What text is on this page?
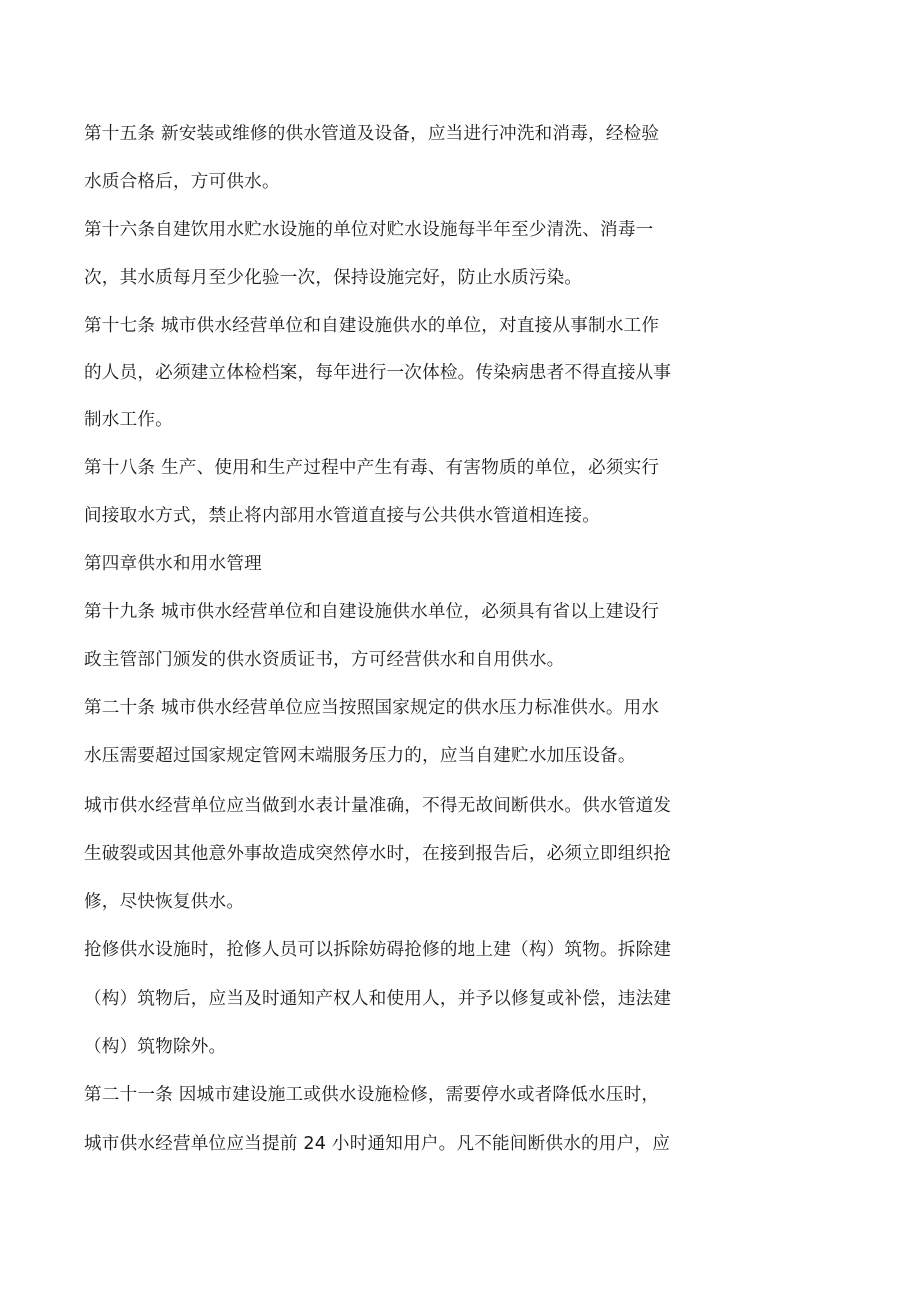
第十五条 新安装或维修的供水管道及设备，应当进行冲洗和消毒，经检验
水质合格后，方可供水。
第十六条自建饮用水贮水设施的单位对贮水设施每半年至少清洗、消毒一
次，其水质每月至少化验一次，保持设施完好，防止水质污染。
第十七条 城市供水经营单位和自建设施供水的单位，对直接从事制水工作
的人员，必须建立体检档案，每年进行一次体检。传染病患者不得直接从事
制水工作。
第十八条 生产、使用和生产过程中产生有毒、有害物质的单位，必须实行
间接取水方式，禁止将内部用水管道直接与公共供水管道相连接。
第四章供水和用水管理
第十九条 城市供水经营单位和自建设施供水单位，必须具有省以上建设行
政主管部门颁发的供水资质证书，方可经营供水和自用供水。
第二十条 城市供水经营单位应当按照国家规定的供水压力标准供水。用水
水压需要超过国家规定管网末端服务压力的，应当自建贮水加压设备。
城市供水经营单位应当做到水表计量准确，不得无故间断供水。供水管道发
生破裂或因其他意外事故造成突然停水时，在接到报告后，必须立即组织抢
修，尽快恢复供水。
抢修供水设施时，抢修人员可以拆除妨碍抢修的地上建（构）筑物。拆除建
（构）筑物后，应当及时通知产权人和使用人，并予以修复或补偿，违法建
（构）筑物除外。
第二十一条 因城市建设施工或供水设施检修，需要停水或者降低水压时，
城市供水经营单位应当提前 24 小时通知用户。凡不能间断供水的用户，应
